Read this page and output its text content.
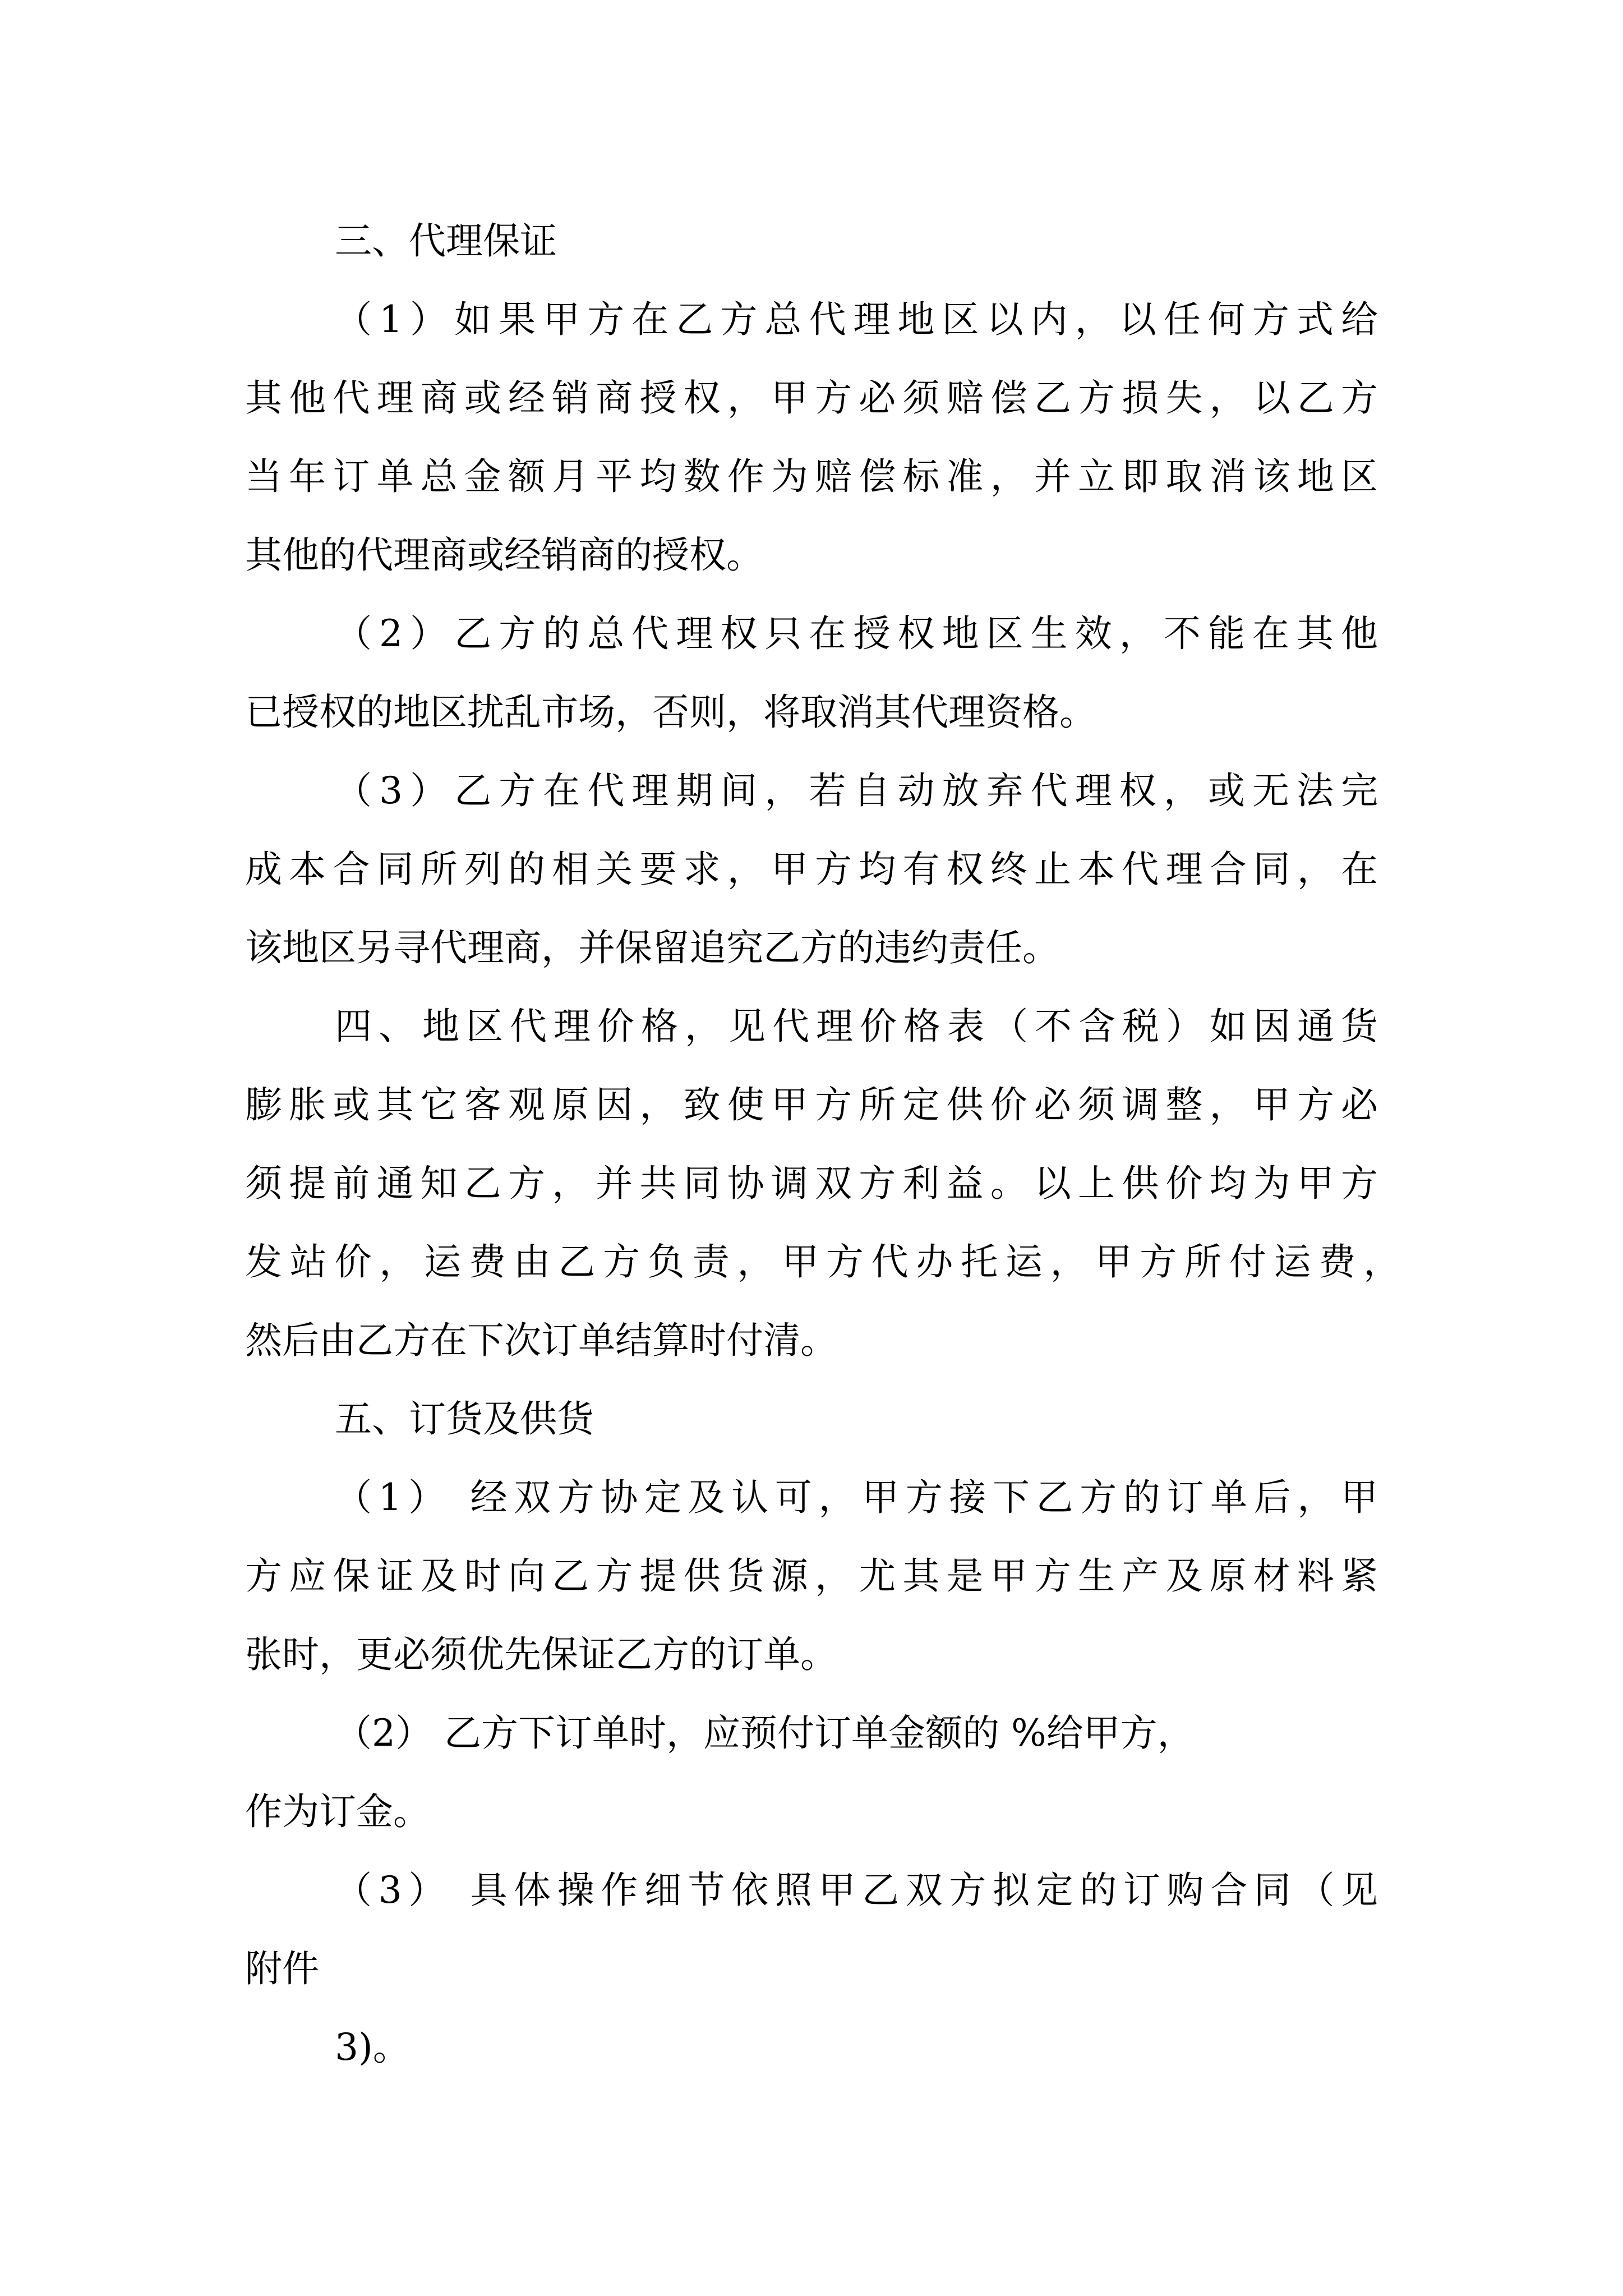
三、代理保证
（1）如果甲方在乙方总代理地区以内，以任何方式给
其他代理商或经销商授权，甲方必须赔偿乙方损失，以乙方
当年订单总金额月平均数作为赔偿标准，并立即取消该地区
其他的代理商或经销商的授权。
（2）乙方的总代理权只在授权地区生效，不能在其他
已授权的地区扰乱市场，否则，将取消其代理资格。
（3）乙方在代理期间，若自动放弃代理权，或无法完
成本合同所列的相关要求，甲方均有权终止本代理合同，在
该地区另寻代理商，并保留追究乙方的违约责任。
四、地区代理价格，见代理价格表（不含税）如因通货
膨胀或其它客观原因，致使甲方所定供价必须调整，甲方必
须提前通知乙方，并共同协调双方利益。以上供价均为甲方
发站价，运费由乙方负责，甲方代办托运，甲方所付运费，
然后由乙方在下次订单结算时付清。
五、订货及供货
（1） 经双方协定及认可，甲方接下乙方的订单后，甲
方应保证及时向乙方提供货源，尤其是甲方生产及原材料紧
张时，更必须优先保证乙方的订单。
（2） 乙方下订单时，应预付订单金额的 %给甲方，
作为订金。
（3） 具体操作细节依照甲乙双方拟定的订购合同（见
附件
3)。
